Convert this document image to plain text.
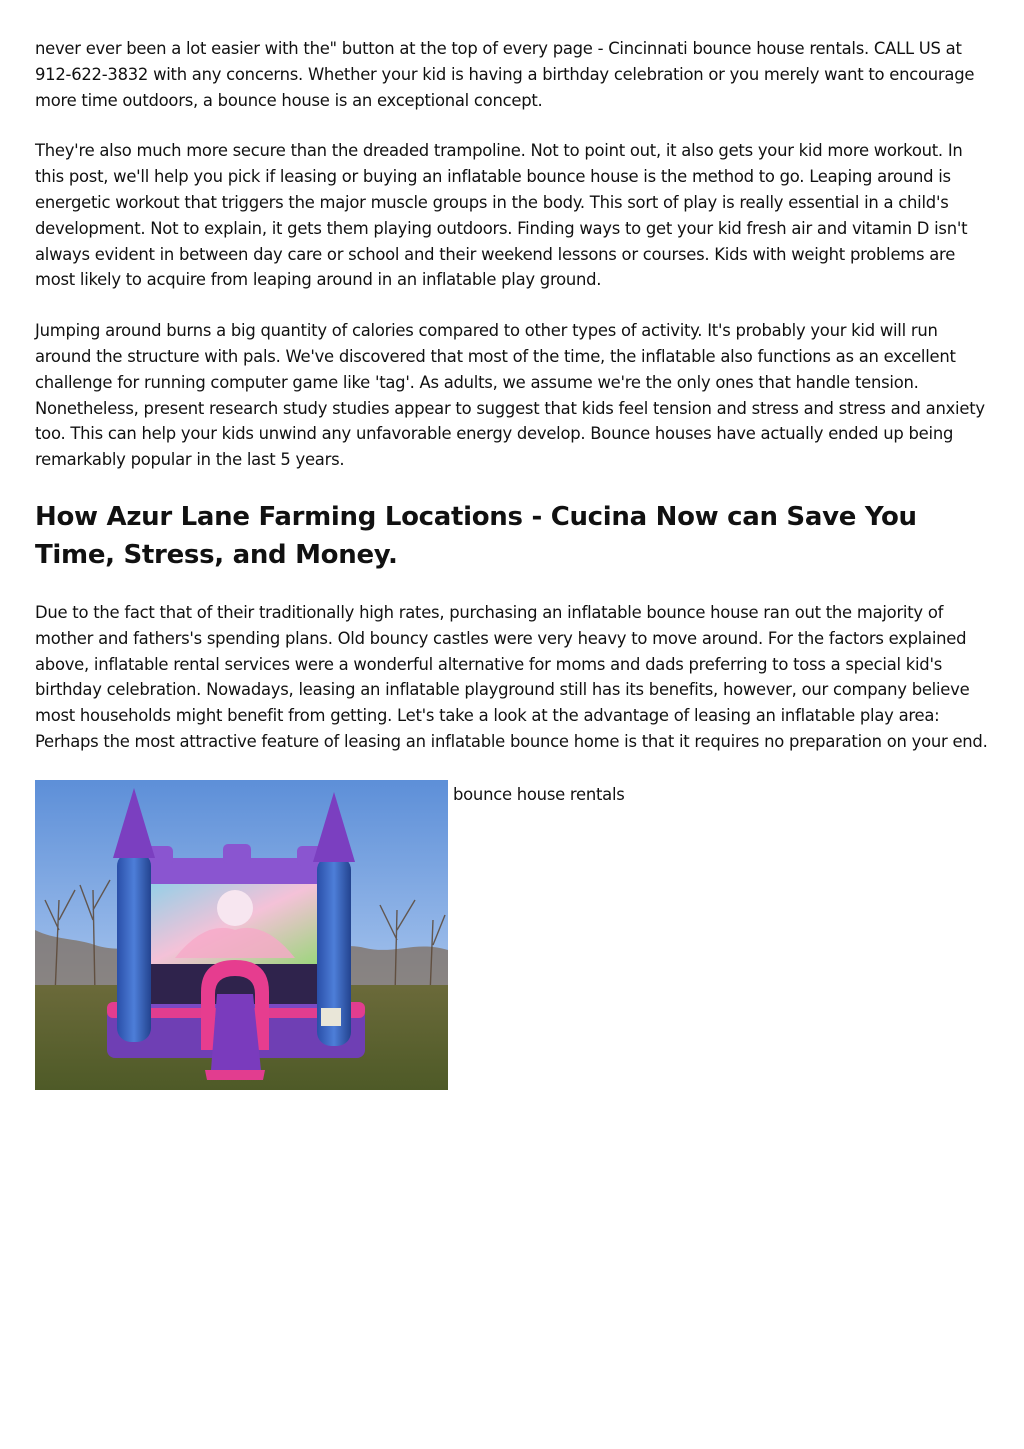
never ever been a lot easier with the" button at the top of every page - Cincinnati bounce house rentals. CALL US at 912-622-3832 with any concerns. Whether your kid is having a birthday celebration or you merely want to encourage more time outdoors, a bounce house is an exceptional concept.

They're also much more secure than the dreaded trampoline. Not to point out, it also gets your kid more workout. In this post, we'll help you pick if leasing or buying an inflatable bounce house is the method to go. Leaping around is energetic workout that triggers the major muscle groups in the body. This sort of play is really essential in a child's development. Not to explain, it gets them playing outdoors. Finding ways to get your kid fresh air and vitamin D isn't always evident in between day care or school and their weekend lessons or courses. Kids with weight problems are most likely to acquire from leaping around in an inflatable play ground.

Jumping around burns a big quantity of calories compared to other types of activity. It's probably your kid will run around the structure with pals. We've discovered that most of the time, the inflatable also functions as an excellent challenge for running computer game like 'tag'. As adults, we assume we're the only ones that handle tension. Nonetheless, present research study studies appear to suggest that kids feel tension and stress and stress and anxiety too. This can help your kids unwind any unfavorable energy develop. Bounce houses have actually ended up being remarkably popular in the last 5 years.

How Azur Lane Farming Locations - Cucina Now can Save You Time, Stress, and Money.

Due to the fact that of their traditionally high rates, purchasing an inflatable bounce house ran out the majority of mother and fathers's spending plans. Old bouncy castles were very heavy to move around. For the factors explained above, inflatable rental services were a wonderful alternative for moms and dads preferring to toss a special kid's birthday celebration. Nowadays, leasing an inflatable playground still has its benefits, however, our company believe most households might benefit from getting. Let's take a look at the advantage of leasing an inflatable play area: Perhaps the most attractive feature of leasing an inflatable bounce home is that it requires no preparation on your end.

bounce house rentals
